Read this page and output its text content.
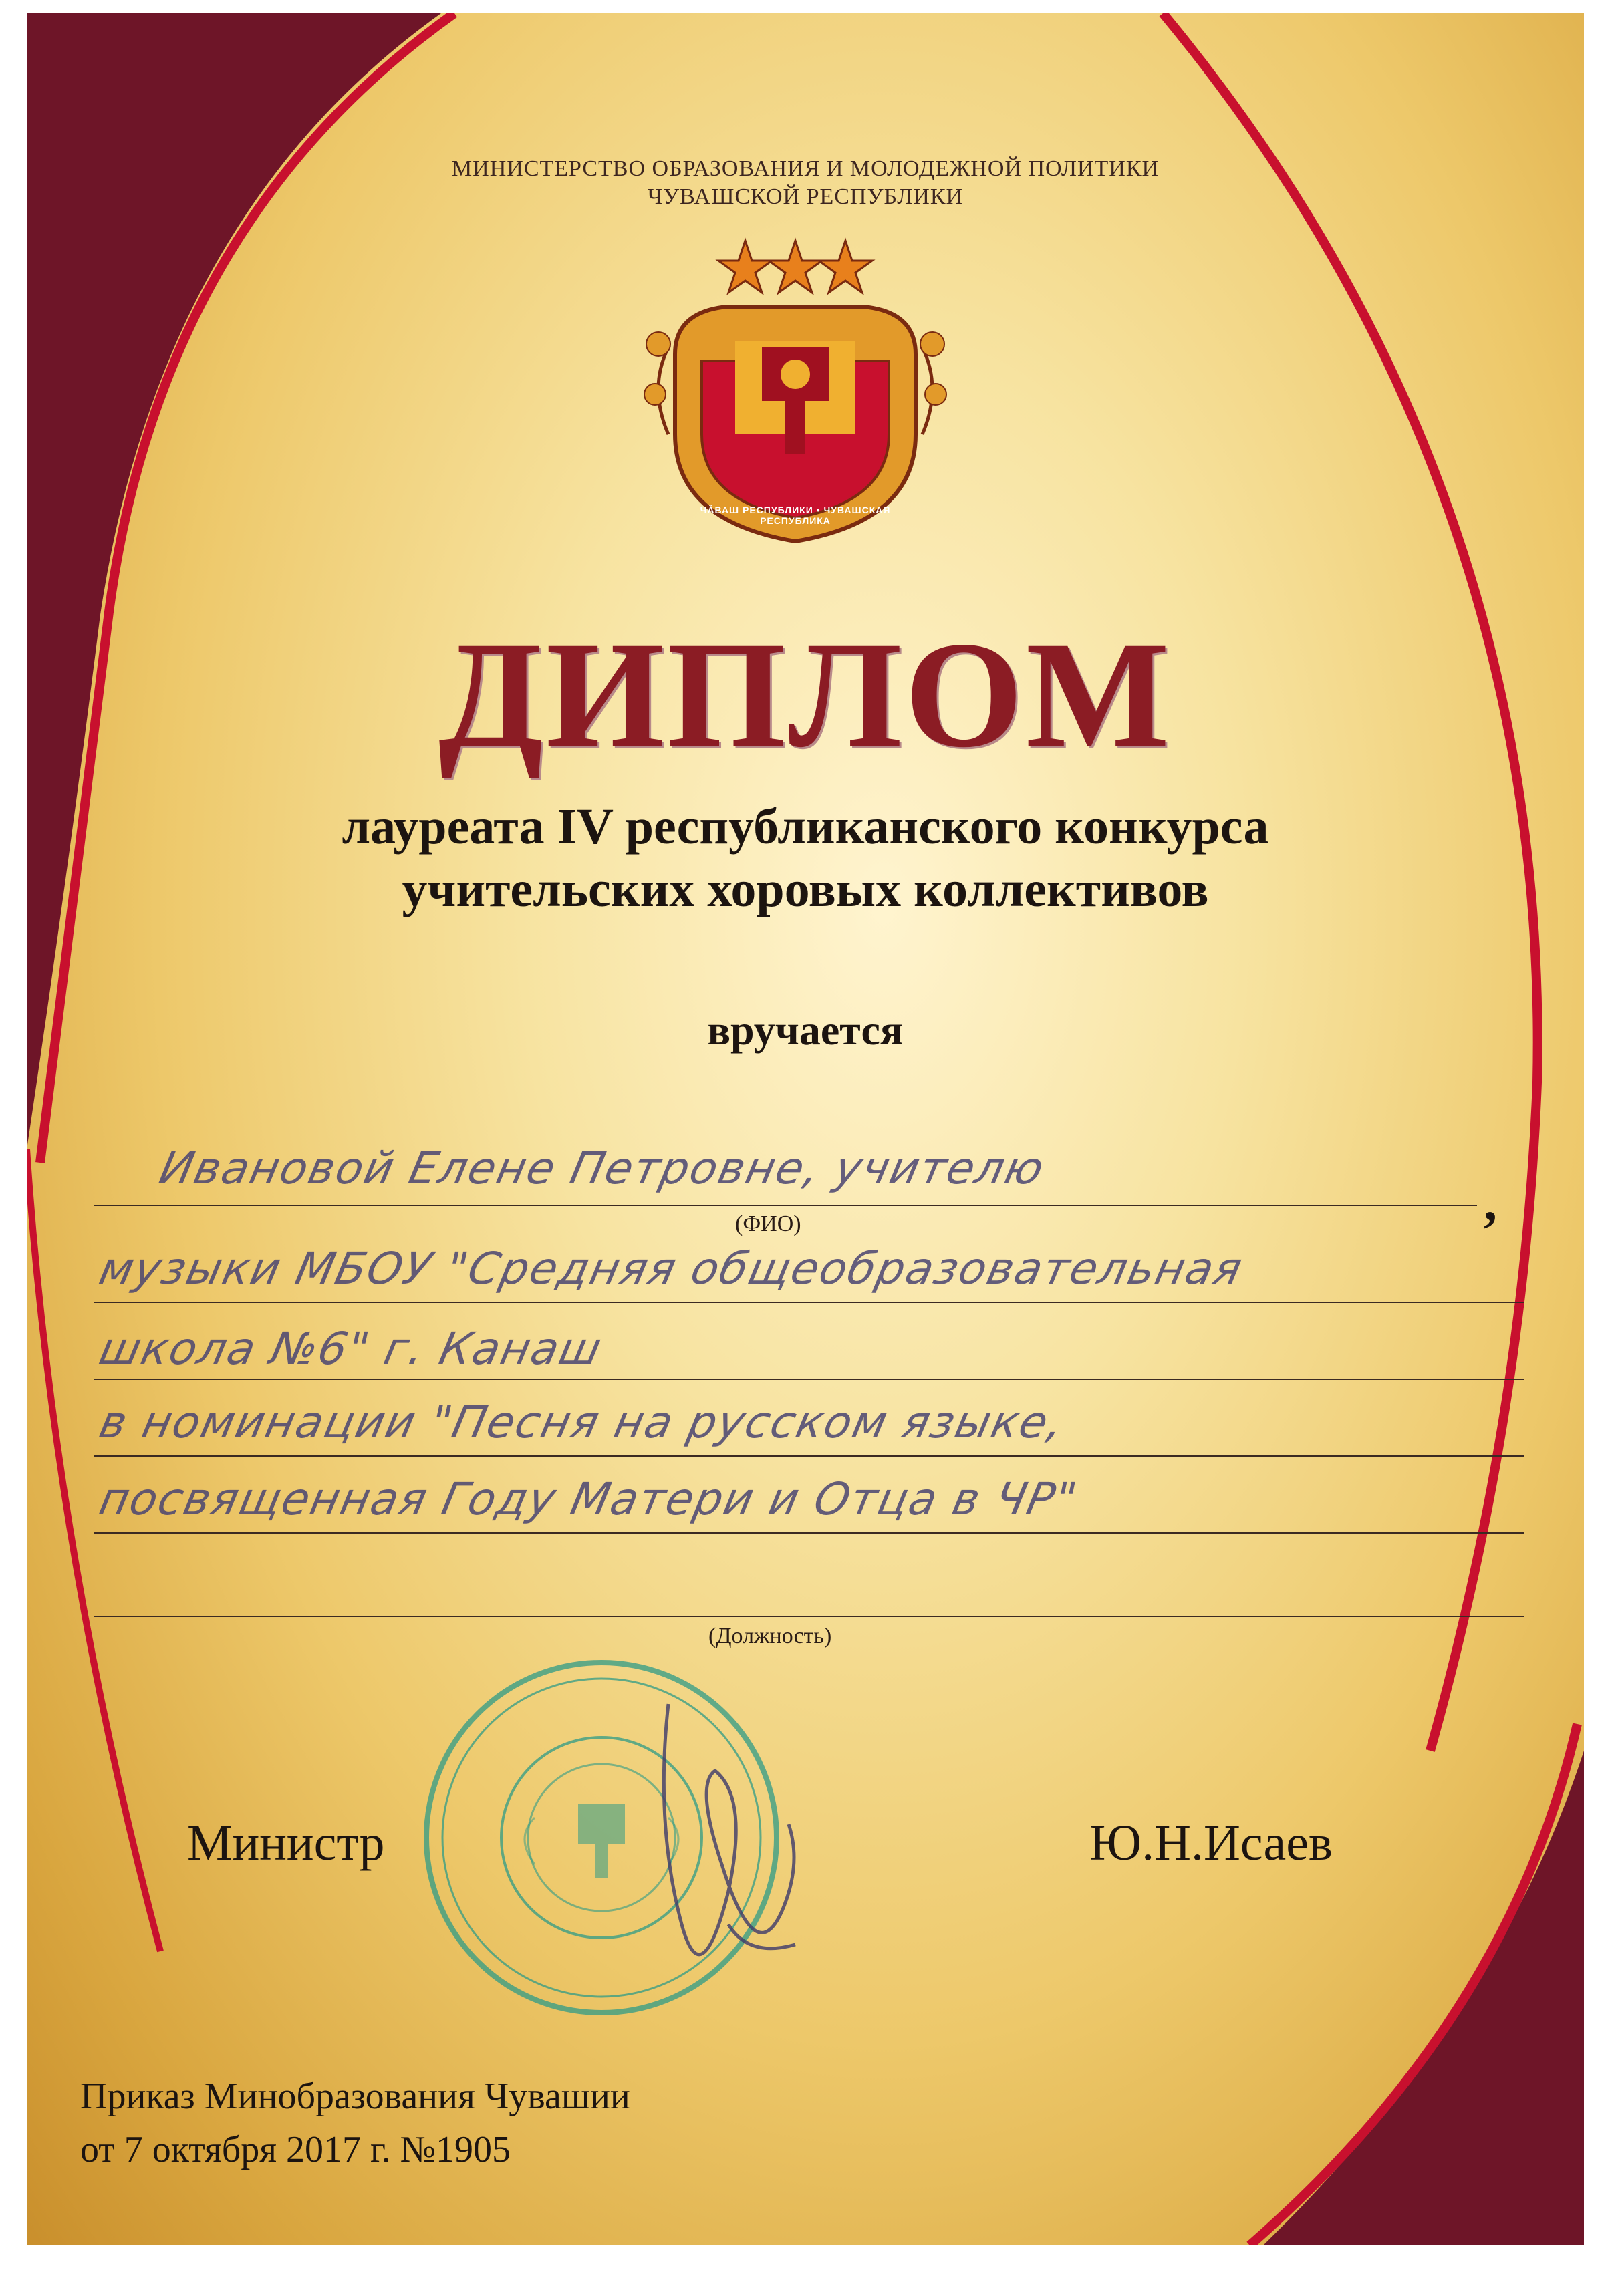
МИНИСТЕРСТВО ОБРАЗОВАНИЯ И МОЛОДЕЖНОЙ ПОЛИТИКИ
ЧУВАШСКОЙ РЕСПУБЛИКИ
ЧĂВАШ РЕСПУБЛИКИ • ЧУВАШСКАЯ РЕСПУБЛИКА
ДИПЛОМ
лауреата IV республиканского конкурса
учительских хоровых коллективов
вручается
Ивановой Елене Петровне, учителю
,
(ФИО)
музыки МБОУ "Средняя общеобразовательная
школа №6" г. Канаш
в номинации "Песня на русском языке,
посвященная Году Матери и Отца в ЧР"
(Должность)
Министр	Ю.Н.Исаев
Приказ Минобразования Чувашии
от 7 октября 2017 г. №1905
